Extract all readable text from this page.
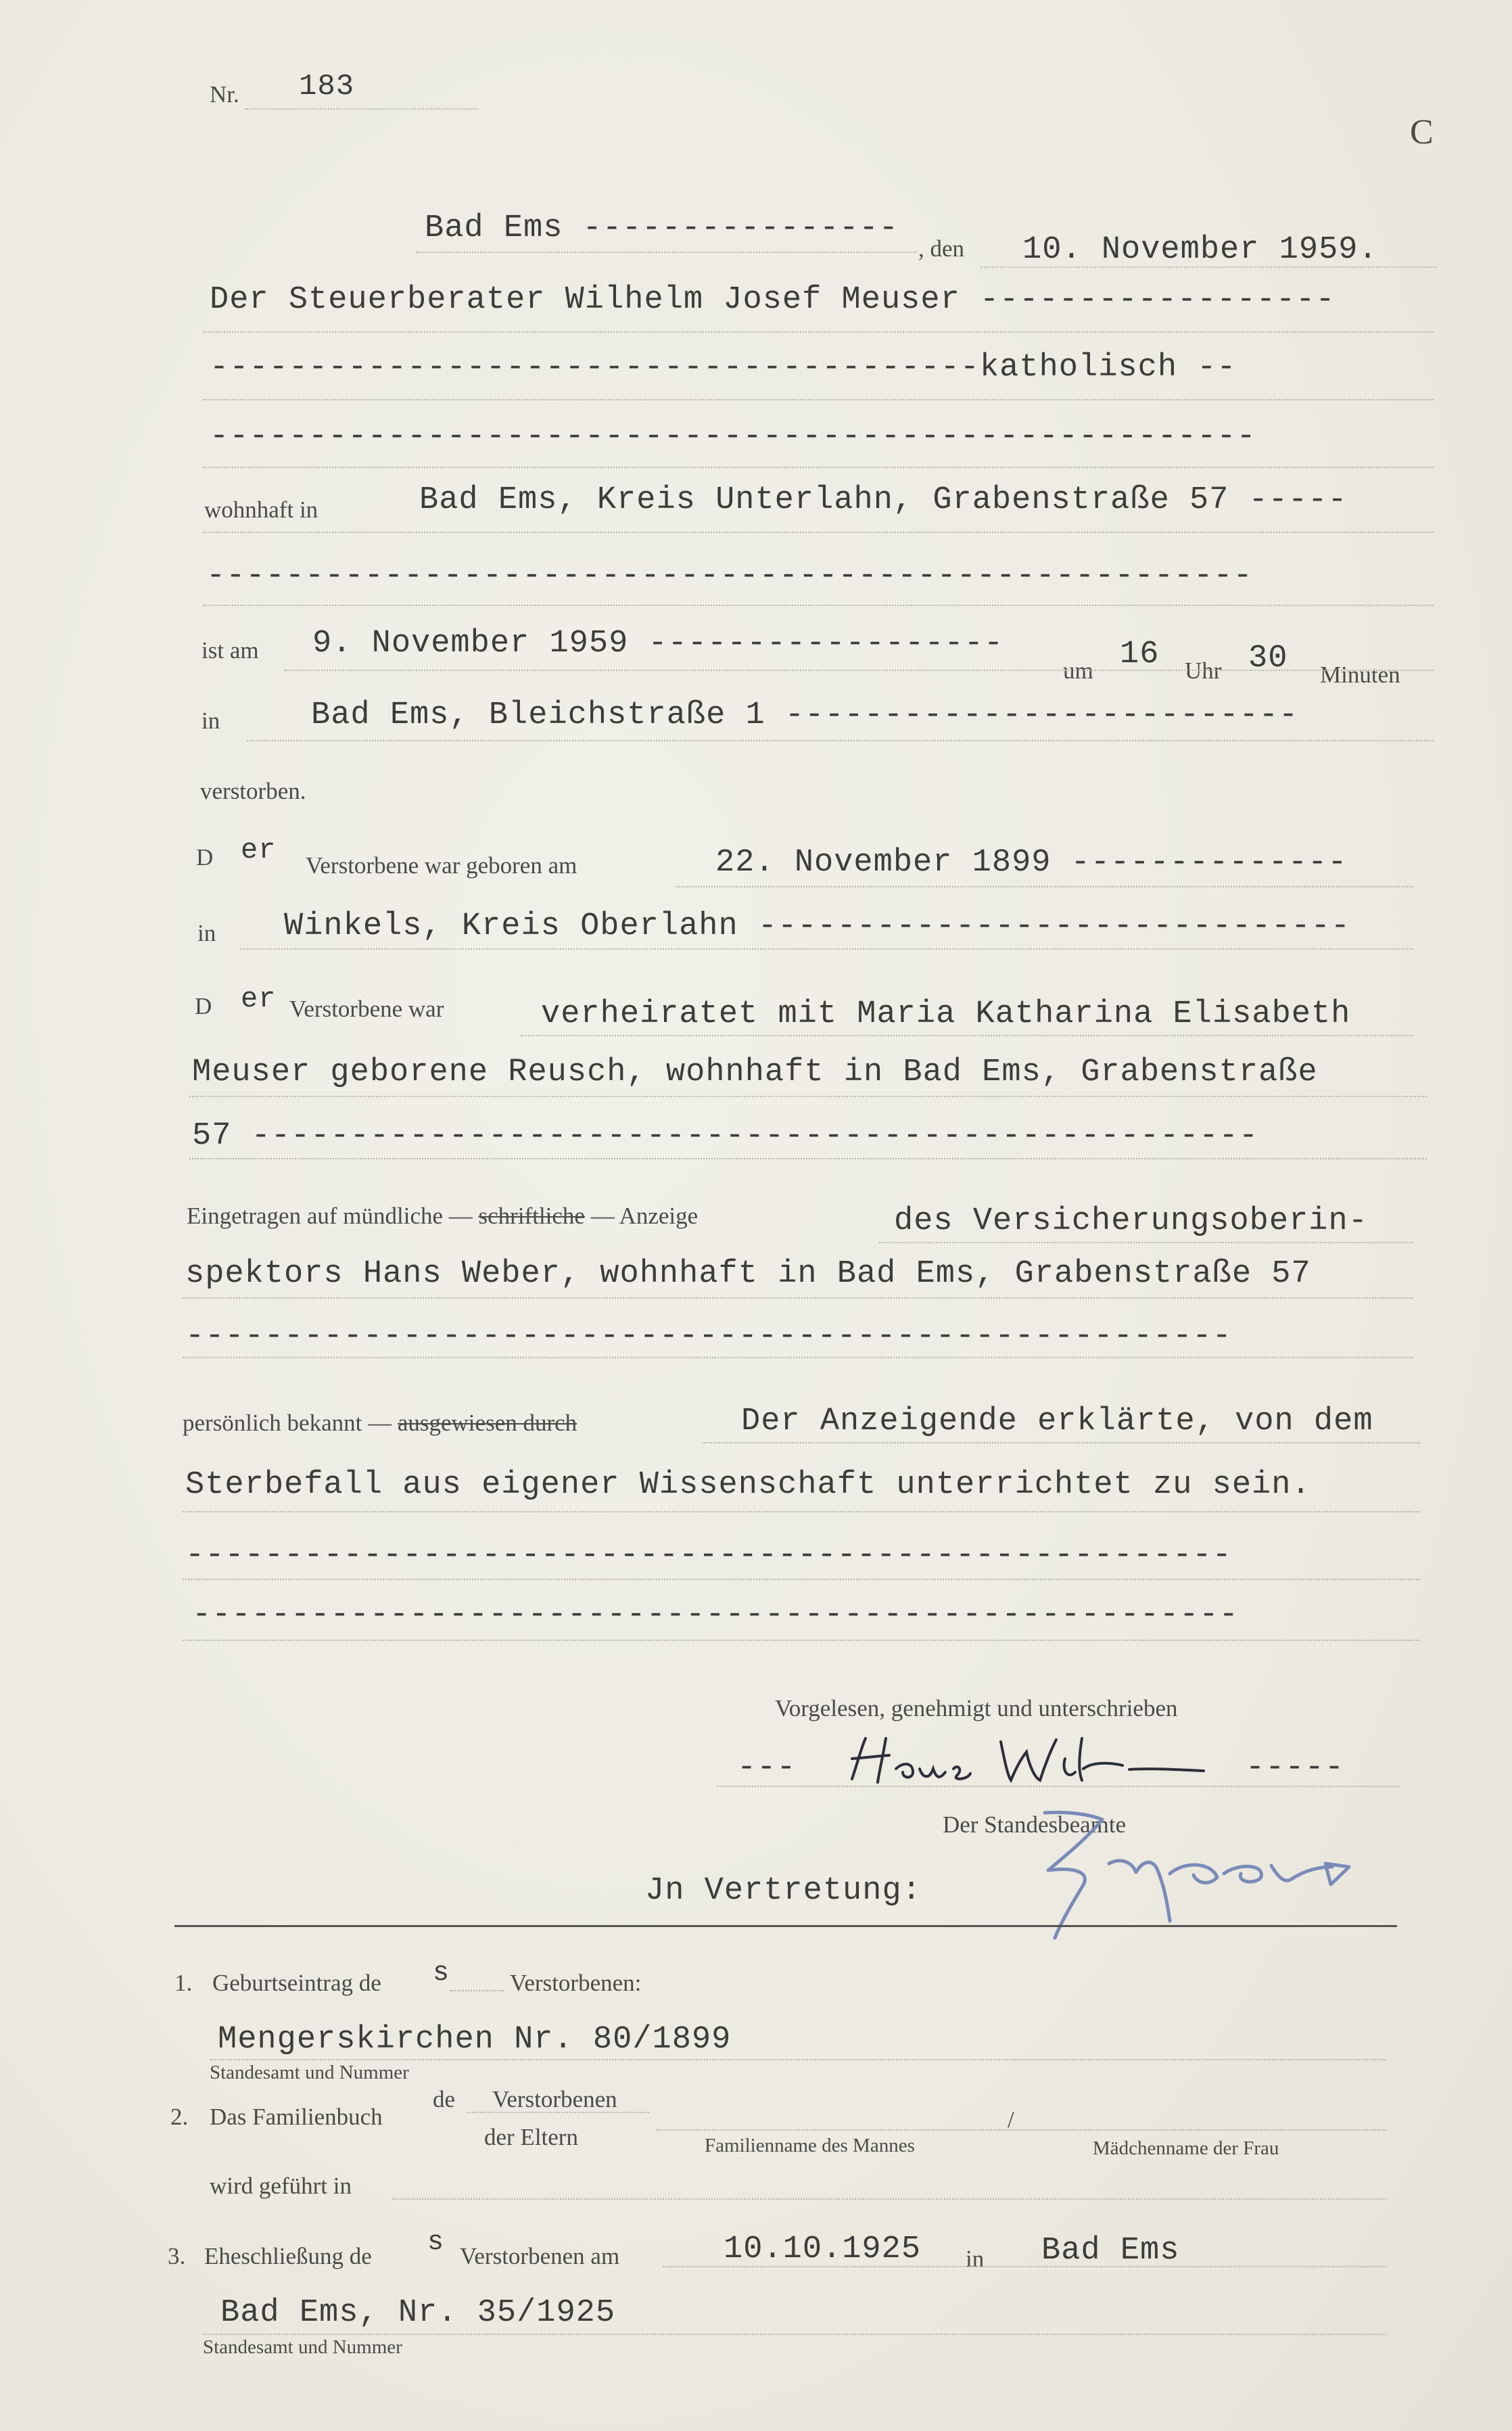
Nr. 183
C
Bad Ems ----------------
, den 10. November 1959.
Der Steuerberater Wilhelm Josef Meuser ------------------
---------------------------------------katholisch --
-----------------------------------------------------
wohnhaft in	Bad Ems, Kreis Unterlahn, Grabenstraße 57 -----
-----------------------------------------------------
ist am 9. November 1959 ------------------
um 16 Uhr 30 Minuten
in	Bad Ems, Bleichstraße 1 --------------------------
verstorben.
D er Verstorbene war geboren am	22. November 1899 --------------
in Winkels, Kreis Oberlahn ------------------------------
D er Verstorbene war	verheiratet mit Maria Katharina Elisabeth
Meuser geborene Reusch, wohnhaft in Bad Ems, Grabenstraße
57 ---------------------------------------------------
Eingetragen auf mündliche — schriftliche — Anzeige	des Versicherungsoberin-
spektors Hans Weber, wohnhaft in Bad Ems, Grabenstraße 57
-----------------------------------------------------
persönlich bekannt — ausgewiesen durch	Der Anzeigende erklärte, von dem
Sterbefall aus eigener Wissenschaft unterrichtet zu sein.
-----------------------------------------------------
-----------------------------------------------------
Vorgelesen, genehmigt und unterschrieben
---	-----
Der Standesbeamte
Jn Vertretung:
1. Geburtseintrag de s	Verstorbenen:
Mengerskirchen Nr. 80/1899
Standesamt und Nummer
2. Das Familienbuch
de Verstorbenen
der Eltern
/
Familienname des Mannes	Mädchenname der Frau
wird geführt in
3. Eheschließung de s Verstorbenen am	10.10.1925 in Bad Ems
Bad Ems, Nr. 35/1925
Standesamt und Nummer
